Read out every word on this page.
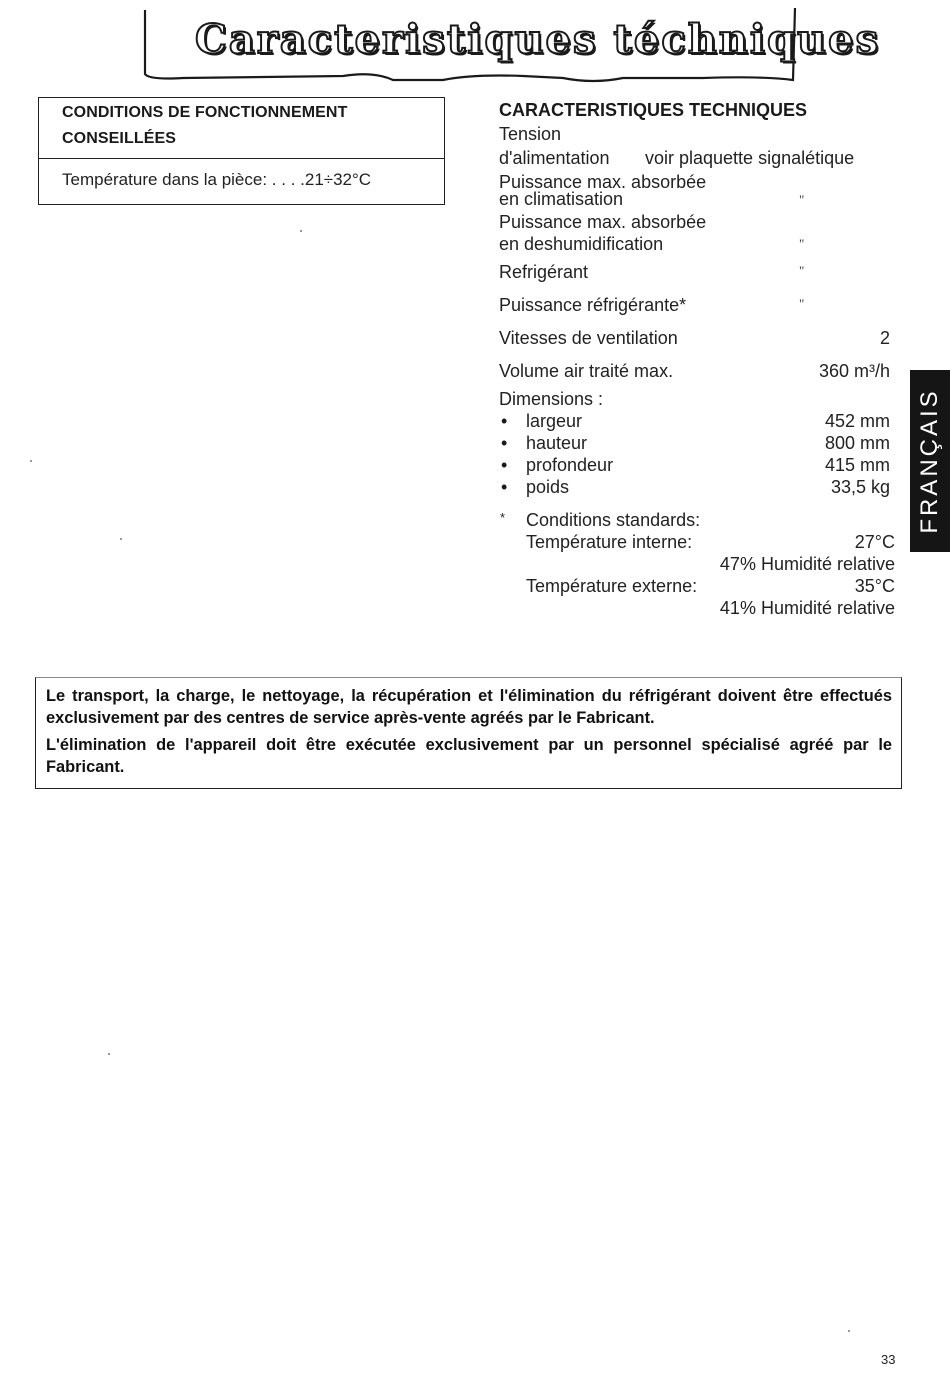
Caracteristiques téchniques
CONDITIONS DE FONCTIONNEMENT
CONSEILLÉES
Température dans la pièce: . . . .21÷32°C
CARACTERISTIQUES TECHNIQUES
Tension
d'alimentation voir plaquette signalétique
Puissance max. absorbée
en climatisation	"
Puissance max. absorbée
en deshumidification	"
Refrigérant	"
Puissance réfrigérante*	"
Vitesses de ventilation	2
Volume air traité max.	360 m³/h
Dimensions :
• largeur	452 mm
• hauteur	800 mm
• profondeur	415 mm
• poids	33,5 kg
* Conditions standards:
Température interne:	27°C
47% Humidité relative
Température externe:	35°C
41% Humidité relative
FRANÇAIS
Le transport, la charge, le nettoyage, la récupération et l'élimination du réfrigérant doivent être effectués exclusivement par des centres de service après-vente agréés par le Fabricant.
L'élimination de l'appareil doit être exécutée exclusivement par un personnel spécialisé agréé par le Fabricant.
33
